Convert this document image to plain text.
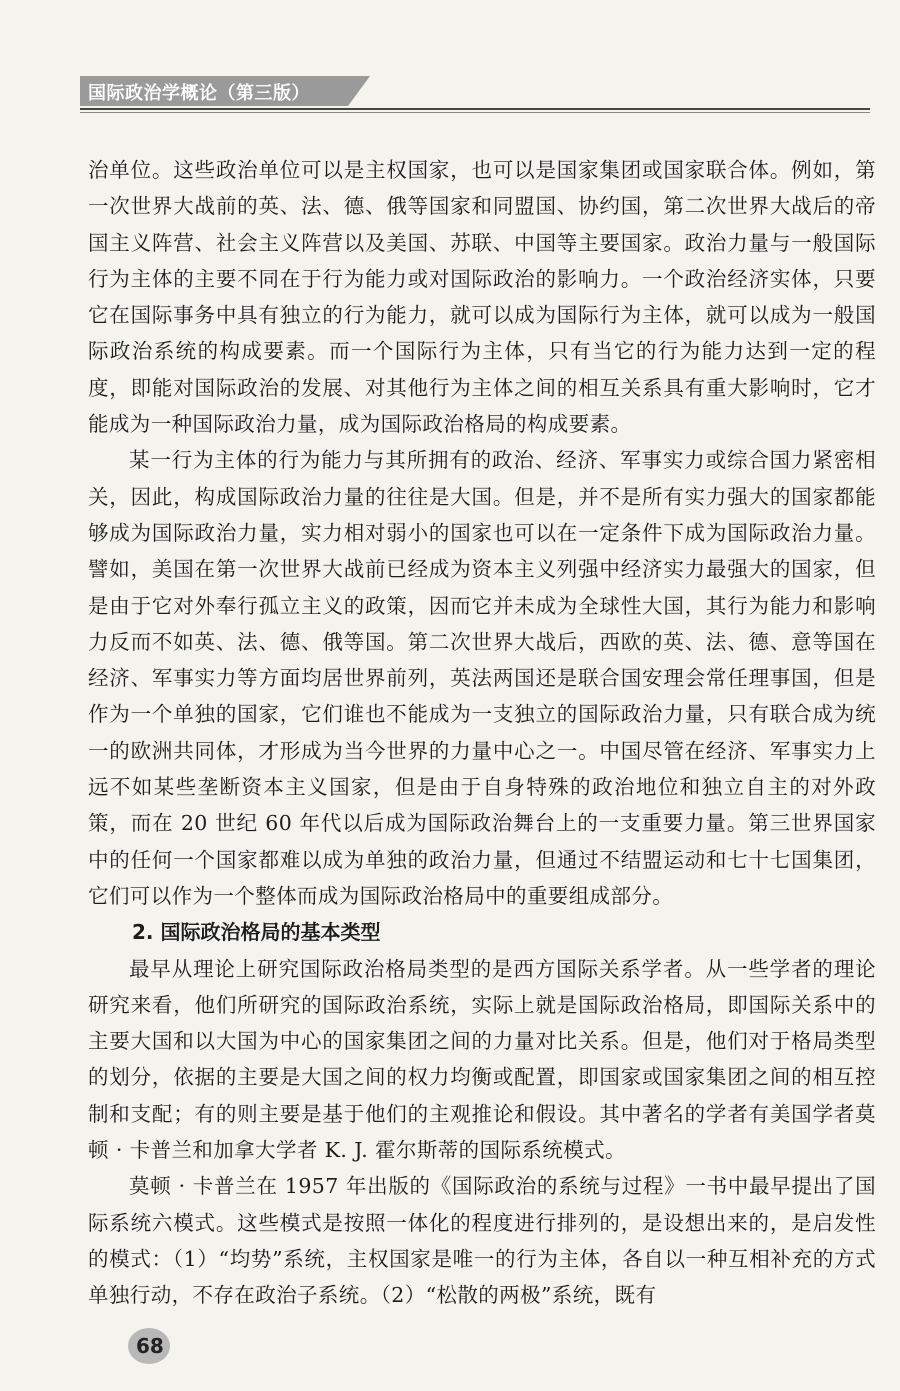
国际政治学概论（第三版）

治单位。这些政治单位可以是主权国家，也可以是国家集团或国家联合体。例如，第一次世界大战前的英、法、德、俄等国家和同盟国、协约国，第二次世界大战后的帝国主义阵营、社会主义阵营以及美国、苏联、中国等主要国家。政治力量与一般国际行为主体的主要不同在于行为能力或对国际政治的影响力。一个政治经济实体，只要它在国际事务中具有独立的行为能力，就可以成为国际行为主体，就可以成为一般国际政治系统的构成要素。而一个国际行为主体，只有当它的行为能力达到一定的程度，即能对国际政治的发展、对其他行为主体之间的相互关系具有重大影响时，它才能成为一种国际政治力量，成为国际政治格局的构成要素。

某一行为主体的行为能力与其所拥有的政治、经济、军事实力或综合国力紧密相关，因此，构成国际政治力量的往往是大国。但是，并不是所有实力强大的国家都能够成为国际政治力量，实力相对弱小的国家也可以在一定条件下成为国际政治力量。譬如，美国在第一次世界大战前已经成为资本主义列强中经济实力最强大的国家，但是由于它对外奉行孤立主义的政策，因而它并未成为全球性大国，其行为能力和影响力反而不如英、法、德、俄等国。第二次世界大战后，西欧的英、法、德、意等国在经济、军事实力等方面均居世界前列，英法两国还是联合国安理会常任理事国，但是作为一个单独的国家，它们谁也不能成为一支独立的国际政治力量，只有联合成为统一的欧洲共同体，才形成为当今世界的力量中心之一。中国尽管在经济、军事实力上远不如某些垄断资本主义国家，但是由于自身特殊的政治地位和独立自主的对外政策，而在 20 世纪 60 年代以后成为国际政治舞台上的一支重要力量。第三世界国家中的任何一个国家都难以成为单独的政治力量，但通过不结盟运动和七十七国集团，它们可以作为一个整体而成为国际政治格局中的重要组成部分。

2. 国际政治格局的基本类型

最早从理论上研究国际政治格局类型的是西方国际关系学者。从一些学者的理论研究来看，他们所研究的国际政治系统，实际上就是国际政治格局，即国际关系中的主要大国和以大国为中心的国家集团之间的力量对比关系。但是，他们对于格局类型的划分，依据的主要是大国之间的权力均衡或配置，即国家或国家集团之间的相互控制和支配；有的则主要是基于他们的主观推论和假设。其中著名的学者有美国学者莫顿 · 卡普兰和加拿大学者 K. J. 霍尔斯蒂的国际系统模式。

莫顿 · 卡普兰在 1957 年出版的《国际政治的系统与过程》一书中最早提出了国际系统六模式。这些模式是按照一体化的程度进行排列的，是设想出来的，是启发性的模式：（1）“均势”系统，主权国家是唯一的行为主体，各自以一种互相补充的方式单独行动，不存在政治子系统。（2）“松散的两极”系统，既有

68
